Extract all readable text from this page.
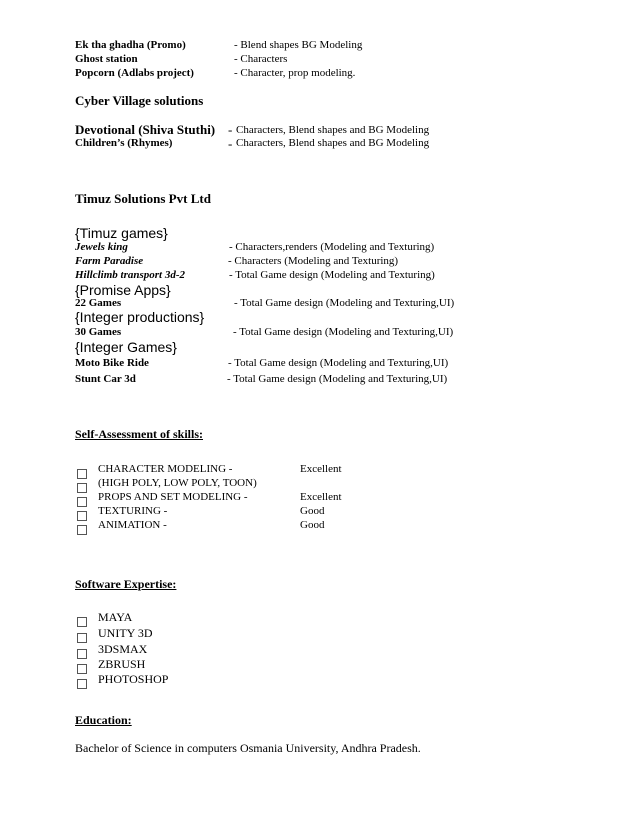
Ek tha ghadha (Promo)	- Blend shapes BG Modeling
Ghost station	- Characters
Popcorn (Adlabs project)	- Character, prop modeling.
Cyber Village solutions
Devotional (Shiva Stuthi) - Characters, Blend shapes and BG Modeling
Children’s (Rhymes)	- Characters, Blend shapes and BG Modeling
Timuz Solutions Pvt Ltd
{Timuz games}
Jewels king	- Characters,renders (Modeling and Texturing)
Farm Paradise	- Characters (Modeling and Texturing)
Hillclimb transport 3d-2	- Total Game design (Modeling and Texturing)
{Promise Apps}
22 Games	- Total Game design (Modeling and Texturing,UI)
{Integer productions}
30 Games	- Total Game design (Modeling and Texturing,UI)
{Integer Games}
Moto Bike Ride	- Total Game design (Modeling and Texturing,UI)
Stunt Car 3d	- Total Game design (Modeling and Texturing,UI)
Self-Assessment of skills:
CHARACTER MODELING -	Excellent
(HIGH POLY, LOW POLY, TOON)
PROPS AND SET MODELING -	Excellent
TEXTURING -	Good
ANIMATION -	Good
Software Expertise:
MAYA
UNITY 3D
3DSMAX
ZBRUSH
PHOTOSHOP
Education:
Bachelor of Science in computers Osmania University, Andhra Pradesh.
